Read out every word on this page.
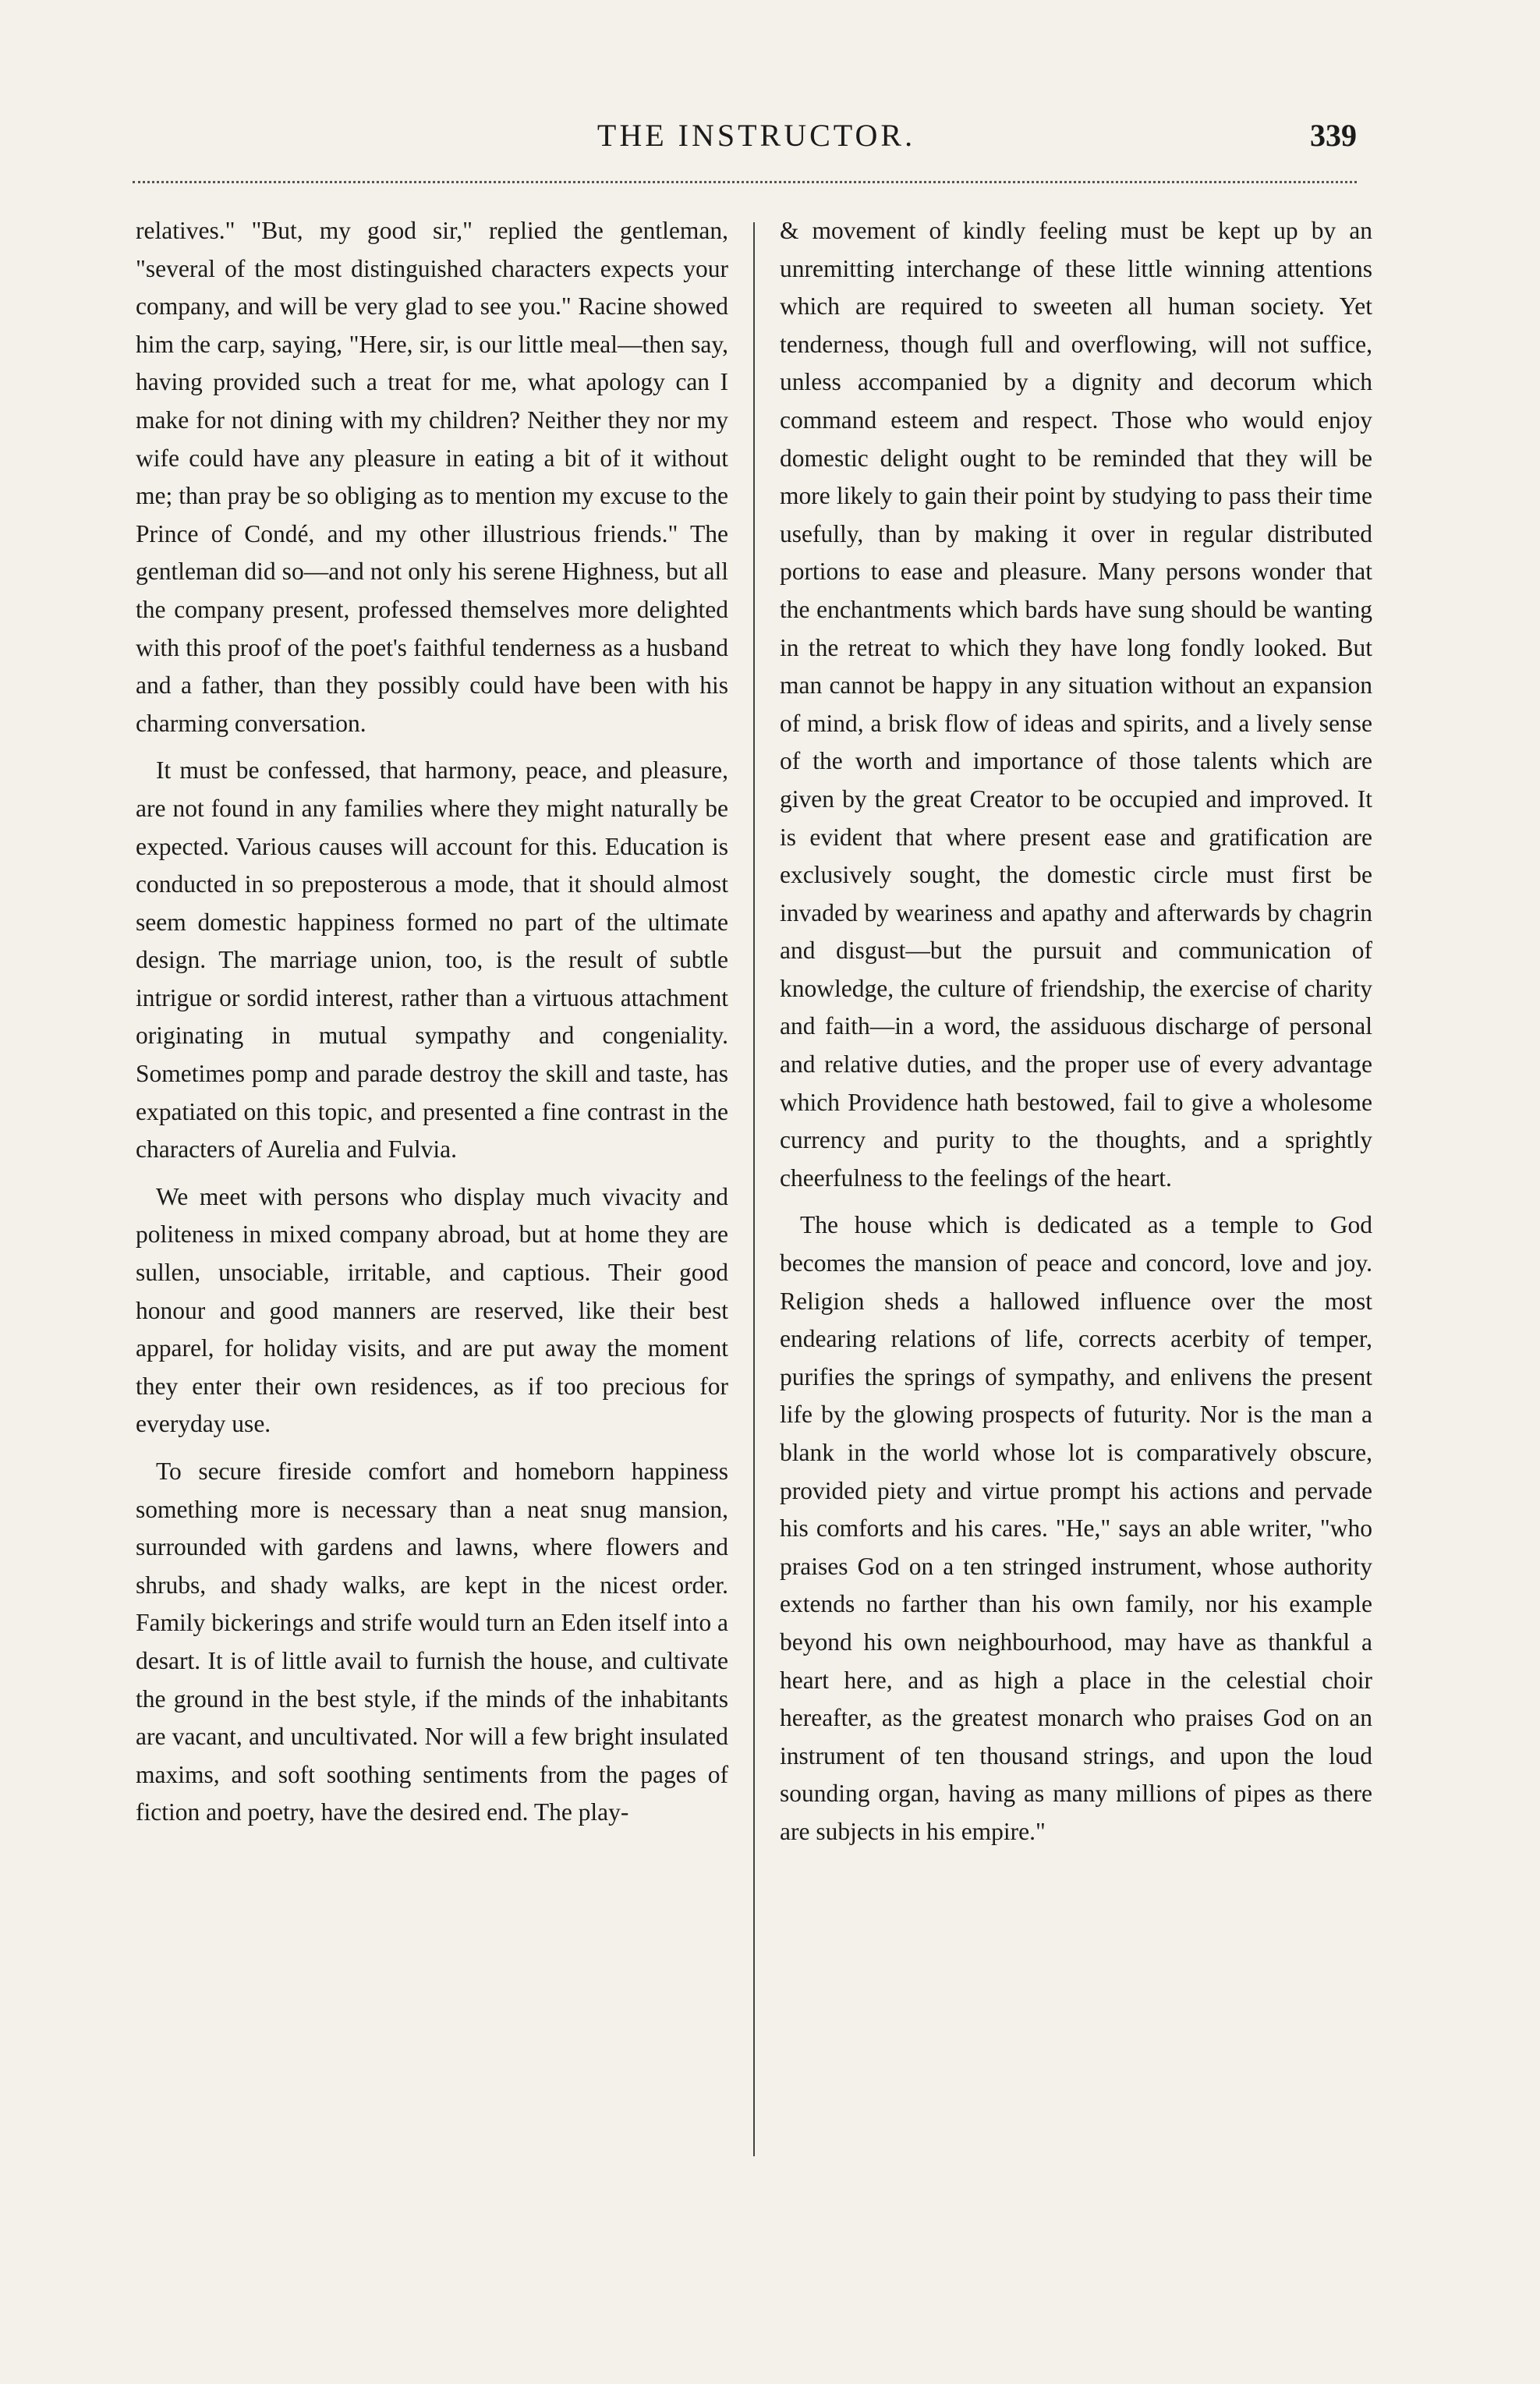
THE INSTRUCTOR.	339

relatives." "But, my good sir," replied the gentleman, "several of the most distinguished characters expects your company, and will be very glad to see you." Racine showed him the carp, saying, "Here, sir, is our little meal—then say, having provided such a treat for me, what apology can I make for not dining with my children? Neither they nor my wife could have any pleasure in eating a bit of it without me; than pray be so obliging as to mention my excuse to the Prince of Condé, and my other illustrious friends." The gentleman did so—and not only his serene Highness, but all the company present, professed themselves more delighted with this proof of the poet's faithful tenderness as a husband and a father, than they possibly could have been with his charming conversation.

It must be confessed, that harmony, peace, and pleasure, are not found in any families where they might naturally be expected. Various causes will account for this. Education is conducted in so preposterous a mode, that it should almost seem domestic happiness formed no part of the ultimate design. The marriage union, too, is the result of subtle intrigue or sordid interest, rather than a virtuous attachment originating in mutual sympathy and congeniality. Sometimes pomp and parade destroy the skill and taste, has expatiated on this topic, and presented a fine contrast in the characters of Aurelia and Fulvia.

We meet with persons who display much vivacity and politeness in mixed company abroad, but at home they are sullen, unsociable, irritable, and captious. Their good honour and good manners are reserved, like their best apparel, for holiday visits, and are put away the moment they enter their own residences, as if too precious for everyday use.

To secure fireside comfort and homeborn happiness something more is necessary than a neat snug mansion, surrounded with gardens and lawns, where flowers and shrubs, and shady walks, are kept in the nicest order. Family bickerings and strife would turn an Eden itself into a desart. It is of little avail to furnish the house, and cultivate the ground in the best style, if the minds of the inhabitants are vacant, and uncultivated. Nor will a few bright insulated maxims, and soft soothing sentiments from the pages of fiction and poetry, have the desired end. The play-

& movement of kindly feeling must be kept up by an unremitting interchange of these little winning attentions which are required to sweeten all human society. Yet tenderness, though full and overflowing, will not suffice, unless accompanied by a dignity and decorum which command esteem and respect. Those who would enjoy domestic delight ought to be reminded that they will be more likely to gain their point by studying to pass their time usefully, than by making it over in regular distributed portions to ease and pleasure. Many persons wonder that the enchantments which bards have sung should be wanting in the retreat to which they have long fondly looked. But man cannot be happy in any situation without an expansion of mind, a brisk flow of ideas and spirits, and a lively sense of the worth and importance of those talents which are given by the great Creator to be occupied and improved. It is evident that where present ease and gratification are exclusively sought, the domestic circle must first be invaded by weariness and apathy and afterwards by chagrin and disgust—but the pursuit and communication of knowledge, the culture of friendship, the exercise of charity and faith—in a word, the assiduous discharge of personal and relative duties, and the proper use of every advantage which Providence hath bestowed, fail to give a wholesome currency and purity to the thoughts, and a sprightly cheerfulness to the feelings of the heart.

The house which is dedicated as a temple to God becomes the mansion of peace and concord, love and joy. Religion sheds a hallowed influence over the most endearing relations of life, corrects acerbity of temper, purifies the springs of sympathy, and enlivens the present life by the glowing prospects of futurity. Nor is the man a blank in the world whose lot is comparatively obscure, provided piety and virtue prompt his actions and pervade his comforts and his cares. "He," says an able writer, "who praises God on a ten stringed instrument, whose authority extends no farther than his own family, nor his example beyond his own neighbourhood, may have as thankful a heart here, and as high a place in the celestial choir hereafter, as the greatest monarch who praises God on an instrument of ten thousand strings, and upon the loud sounding organ, having as many millions of pipes as there are subjects in his empire."
